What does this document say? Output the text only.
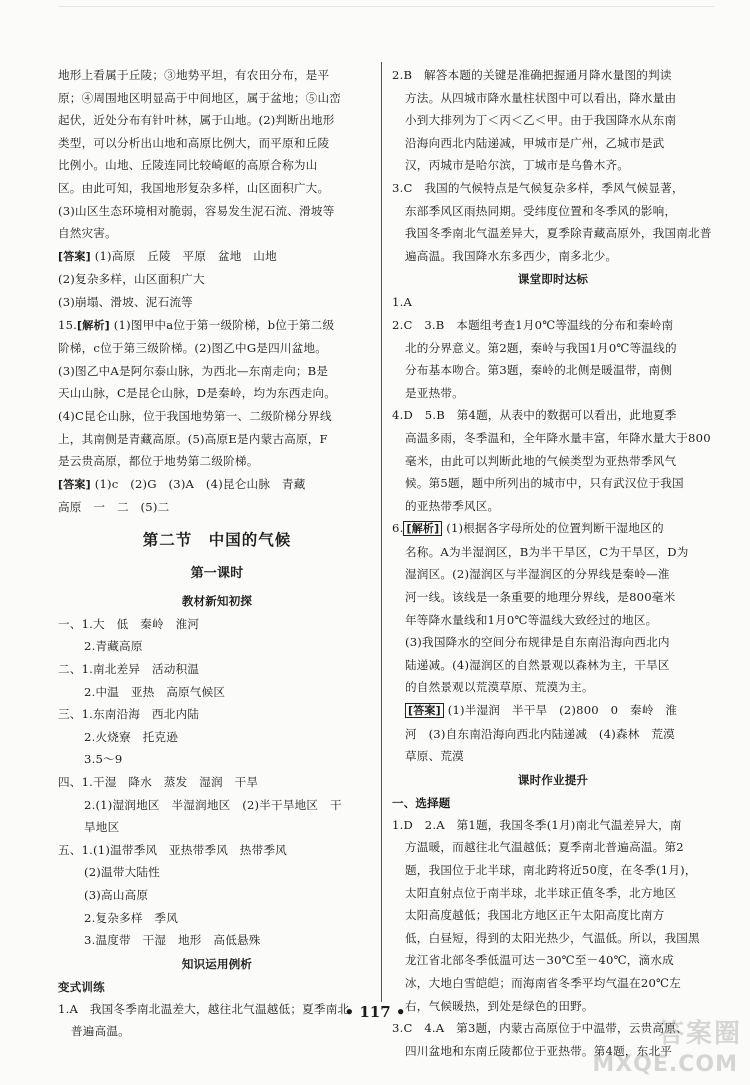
地形上看属于丘陵；③地势平坦，有农田分布，是平

原；④周围地区明显高于中间地区，属于盆地；⑤山峦

起伏，近处分布有针叶林，属于山地。(2)判断出地形

类型，可以分析出山地和高原比例大，而平原和丘陵

比例小。山地、丘陵连同比较崎岖的高原合称为山

区。由此可知，我国地形复杂多样，山区面积广大。

(3)山区生态环境相对脆弱，容易发生泥石流、滑坡等

自然灾害。

[答案] (1)高原　丘陵　平原　盆地　山地

(2)复杂多样，山区面积广大

(3)崩塌、滑坡、泥石流等

15.[解析] (1)图甲中a位于第一级阶梯，b位于第二级

阶梯，c位于第三级阶梯。(2)图乙中G是四川盆地。

(3)图乙中A是阿尔泰山脉，为西北—东南走向；B是

天山山脉，C是昆仑山脉，D是秦岭，均为东西走向。

(4)C昆仑山脉，位于我国地势第一、二级阶梯分界线

上，其南侧是青藏高原。(5)高原E是内蒙古高原，F

是云贵高原，都位于地势第二级阶梯。

[答案] (1)c　(2)G　(3)A　(4)昆仑山脉　青藏

高原　一　二　(5)二

第二节　中国的气候
第一课时
教材新知初探

一、1.大　低　秦岭　淮河

2.青藏高原

二、1.南北差异　活动积温

2.中温　亚热　高原气候区

三、1.东南沿海　西北内陆

2.火烧寮　托克逊

3.5～9

四、1.干湿　降水　蒸发　湿润　干旱

2.(1)湿润地区　半湿润地区　(2)半干旱地区　干

旱地区

五、1.(1)温带季风　亚热带季风　热带季风

(2)温带大陆性

(3)高山高原

2.复杂多样　季风

3.温度带　干湿　地形　高低悬殊

知识运用例析
变式训练

1.A　我国冬季南北温差大，越往北气温越低；夏季南北

普遍高温。

2.B　解答本题的关键是准确把握通月降水量图的判读

方法。从四城市降水量柱状图中可以看出，降水量由

小到大排列为丁＜丙＜乙＜甲。由于我国降水从东南

沿海向西北内陆递减，甲城市是广州，乙城市是武

汉，丙城市是哈尔滨，丁城市是乌鲁木齐。

3.C　我国的气候特点是气候复杂多样，季风气候显著，

东部季风区雨热同期。受纬度位置和冬季风的影响，

我国冬季南北气温差异大，夏季除青藏高原外，我国南北普

遍高温。我国降水东多西少，南多北少。

课堂即时达标

1.A

2.C　3.B　本题组考查1月0℃等温线的分布和秦岭南

北的分界意义。第2题，秦岭与我国1月0℃等温线的

分布基本吻合。第3题，秦岭的北侧是暖温带，南侧

是亚热带。

4.D　5.B　第4题，从表中的数据可以看出，此地夏季

高温多雨，冬季温和，全年降水量丰富，年降水量大于800

毫米，由此可以判断此地的气候类型为亚热带季风气

候。第5题，题中所列出的城市中，只有武汉位于我国

的亚热带季风区。

6. [解析] (1)根据各字母所处的位置判断干湿地区的

名称。A为半湿润区，B为半干旱区，C为干旱区，D为

湿润区。(2)湿润区与半湿润区的分界线是秦岭—淮

河一线。该线是一条重要的地理分界线，是800毫米

年等降水量线和1月0℃等温线大致经过的地区。

(3)我国降水的空间分布规律是自东南沿海向西北内

陆递减。(4)湿润区的自然景观以森林为主，干旱区

的自然景观以荒漠草原、荒漠为主。

[答案] (1)半湿润　半干旱　(2)800　0　秦岭　淮

河　(3)自东南沿海向西北内陆递减　(4)森林　荒漠

草原、荒漠

课时作业提升
一、选择题

1.D　2.A　第1题，我国冬季(1月)南北气温差异大，南

方温暖，而越往北气温越低；夏季南北普遍高温。第2

题，我国位于北半球，南北跨将近50度，在冬季(1月)，

太阳直射点位于南半球，北半球正值冬季，北方地区

太阳高度越低；我国北方地区正午太阳高度比南方

低，白昼短，得到的太阳光热少，气温低。所以，我国黑

龙江省北部冬季低温可达－30℃至－40℃，滴水成

冰，大地白雪皑皑；而海南省冬季平均气温在20℃左

右，气候暖热，到处是绿色的田野。

3.C　4.A　第3题，内蒙古高原位于中温带，云贵高原、

四川盆地和东南丘陵都位于亚热带。第4题，东北平

• 117 •
答案圈
MXQE.COM
